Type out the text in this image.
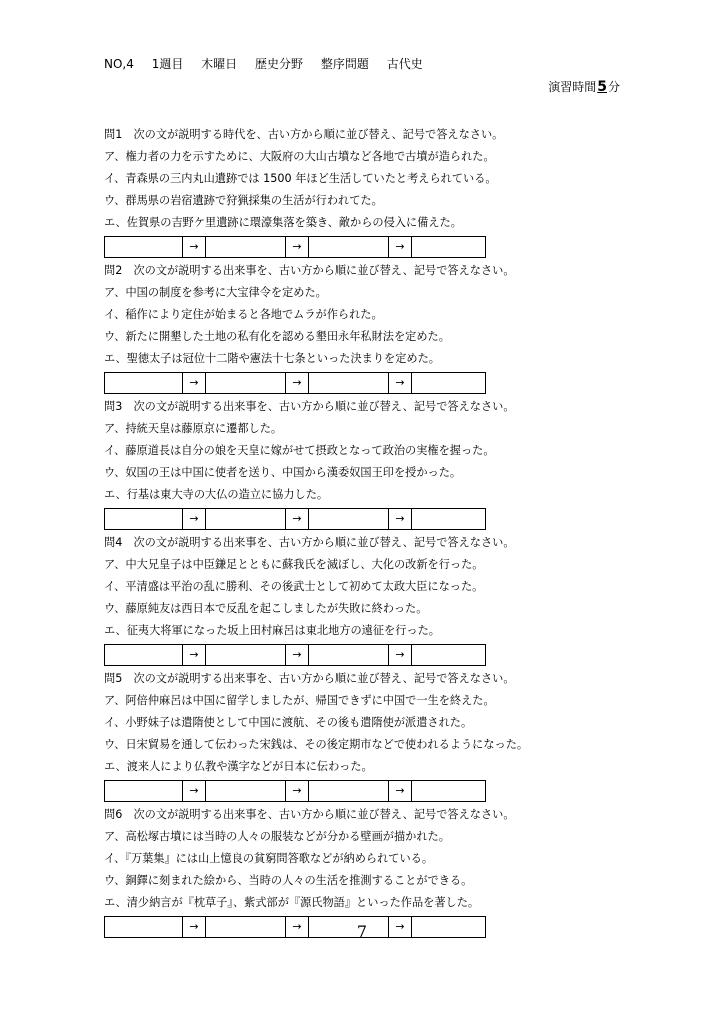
NO,4 1週目 木曜日 歴史分野 整序問題 古代史
演習時間5分
問1　次の文が説明する時代を、古い方から順に並び替え、記号で答えなさい。
ア、権力者の力を示すために、大阪府の大山古墳など各地で古墳が造られた。
イ、青森県の三内丸山遺跡では 1500 年ほど生活していたと考えられている。
ウ、群馬県の岩宿遺跡で狩猟採集の生活が行われてた。
エ、佐賀県の吉野ケ里遺跡に環濠集落を築き、敵からの侵入に備えた。
→	→	→
問2　次の文が説明する出来事を、古い方から順に並び替え、記号で答えなさい。
ア、中国の制度を参考に大宝律令を定めた。
イ、稲作により定住が始まると各地でムラが作られた。
ウ、新たに開墾した土地の私有化を認める墾田永年私財法を定めた。
エ、聖徳太子は冠位十二階や憲法十七条といった決まりを定めた。
→	→	→
問3　次の文が説明する出来事を、古い方から順に並び替え、記号で答えなさい。
ア、持統天皇は藤原京に遷都した。
イ、藤原道長は自分の娘を天皇に嫁がせて摂政となって政治の実権を握った。
ウ、奴国の王は中国に使者を送り、中国から漢委奴国王印を授かった。
エ、行基は東大寺の大仏の造立に協力した。
→	→	→
問4　次の文が説明する出来事を、古い方から順に並び替え、記号で答えなさい。
ア、中大兄皇子は中臣鎌足とともに蘇我氏を滅ぼし、大化の改新を行った。
イ、平清盛は平治の乱に勝利、その後武士として初めて太政大臣になった。
ウ、藤原純友は西日本で反乱を起こしましたが失敗に終わった。
エ、征夷大将軍になった坂上田村麻呂は東北地方の遠征を行った。
→	→	→
問5　次の文が説明する出来事を、古い方から順に並び替え、記号で答えなさい。
ア、阿倍仲麻呂は中国に留学しましたが、帰国できずに中国で一生を終えた。
イ、小野妹子は遣隋使として中国に渡航、その後も遣隋使が派遣された。
ウ、日宋貿易を通して伝わった宋銭は、その後定期市などで使われるようになった。
エ、渡来人により仏教や漢字などが日本に伝わった。
→	→	→
問6　次の文が説明する出来事を、古い方から順に並び替え、記号で答えなさい。
ア、高松塚古墳には当時の人々の服装などが分かる壁画が描かれた。
イ、『万葉集』には山上憶良の貧窮問答歌などが納められている。
ウ、銅鐸に刻まれた絵から、当時の人々の生活を推測することができる。
エ、清少納言が『枕草子』、紫式部が『源氏物語』といった作品を著した。
→	→	→
7
